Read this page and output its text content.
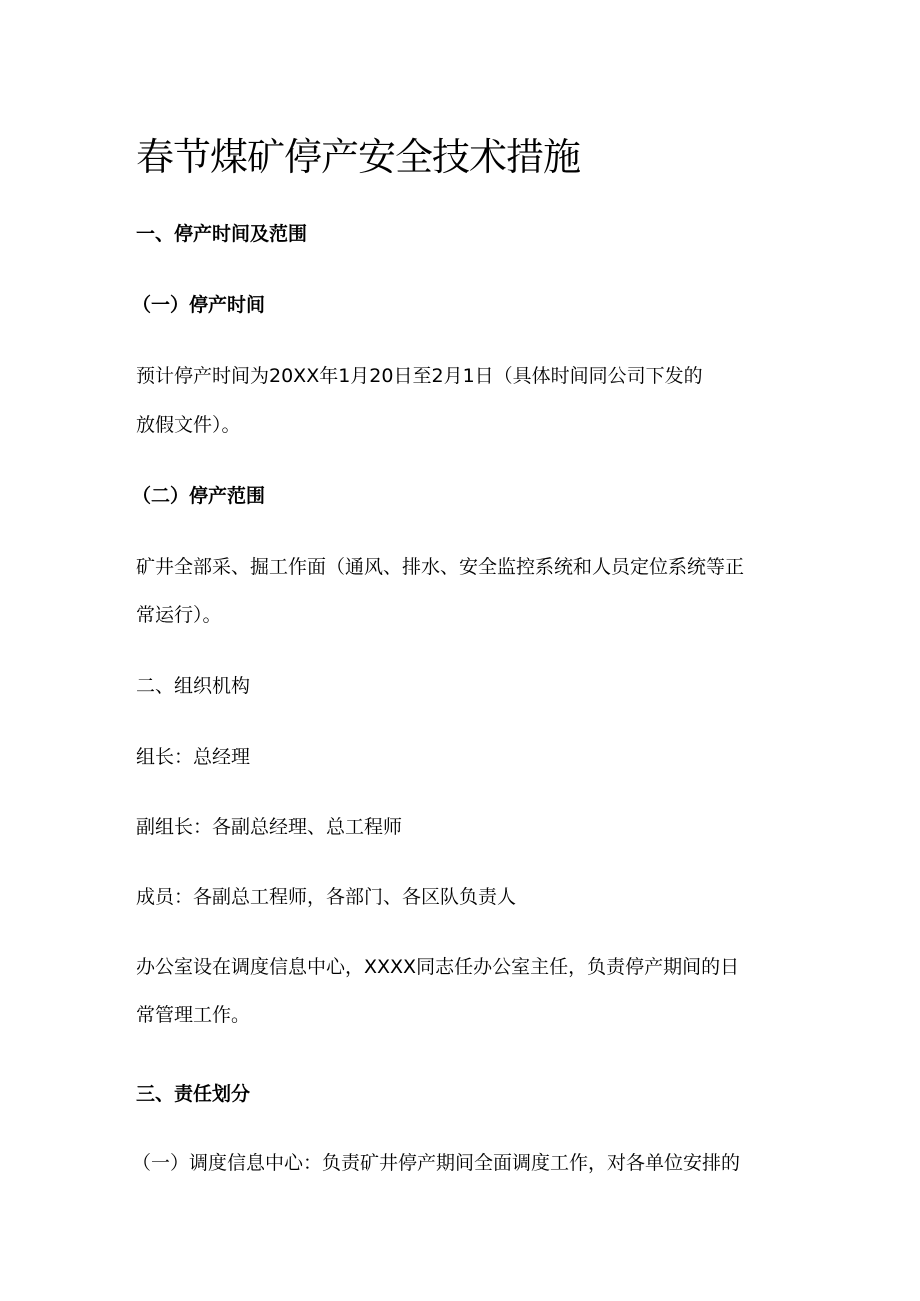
春节煤矿停产安全技术措施

一、停产时间及范围

（一）停产时间

预计停产时间为20XX年1月20日至2月1日（具体时间同公司下发的

放假文件）。

（二）停产范围

矿井全部采、掘工作面（通风、排水、安全监控系统和人员定位系统等正

常运行）。

二、组织机构

组长：总经理

副组长：各副总经理、总工程师

成员：各副总工程师，各部门、各区队负责人

办公室设在调度信息中心，XXXX同志任办公室主任，负责停产期间的日

常管理工作。

三、责任划分

（一）调度信息中心：负责矿井停产期间全面调度工作，对各单位安排的
